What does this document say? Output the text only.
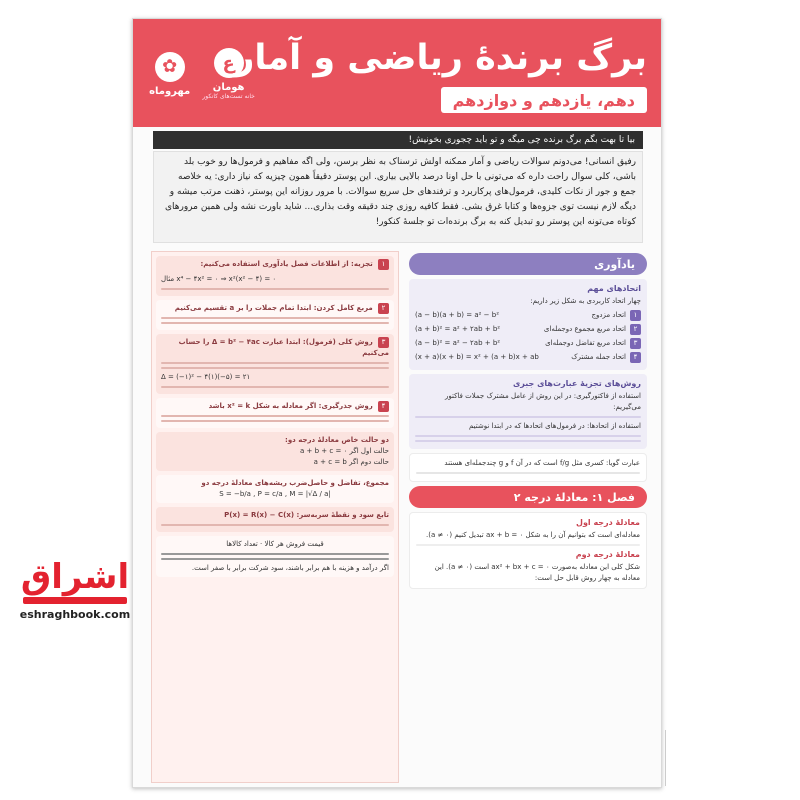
✿
مهروماه
ع
هومان
خانه تست‌های کانکور
برگ برندهٔ ریاضی و آمار
دهم، یازدهم و دوازدهم
بیا تا بهت بگم برگ برنده چی میگه و تو باید چجوری بخونیش!
رفیق انسانی! می‌دونم سوالات ریاضی و آمار ممکنه اولش ترسناک به نظر برسن، ولی اگه مفاهیم و فرمول‌ها رو خوب بلد باشی، کلی سوال راحت داره که می‌تونی با حل اونا درصد بالایی بیاری. این پوستر دقیقاً همون چیزیه که نیاز داری: یه خلاصه جمع و جور از نکات کلیدی، فرمول‌های پرکاربرد و ترفندهای حل سریع سوالات. با مرور روزانه این پوستر، ذهنت مرتب میشه و دیگه لازم نیست توی جزوه‌ها و کتابا غرق بشی. فقط کافیه روزی چند دقیقه وقت بذاری... شاید باورت نشه ولی همین مرورهای کوتاه می‌تونه این پوستر رو تبدیل کنه به برگ برنده‌ات تو جلسهٔ کنکور!
۱ تجزیه: از اطلاعات فصل یادآوری استفاده می‌کنیم:
مثال x⁴ − ۴x² = ۰ ⇒ x²(x² − ۴) = ۰
۲ مربع کامل کردن: ابتدا تمام جملات را بر a تقسیم می‌کنیم
۳ روش کلی (فرمول): ابتدا عبارت Δ = b² − ۴ac را حساب می‌کنیم
Δ = (−۱)² − ۴(۱)(−۵) = ۲۱
۴ روش جذرگیری: اگر معادله به شکل x² = k باشد
دو حالت خاص معادلهٔ درجه دو:
حالت اول اگر a + b + c = ۰
حالت دوم اگر a + c = b
مجموع، تفاضل و حاصل‌ضرب ریشه‌های معادلهٔ درجه دو
S = −b/a , P = c/a , M = |√Δ / a|
تابع سود و نقطهٔ سربه‌سر: P(x) = R(x) − C(x)
قیمت فروش هر کالا · تعداد کالاها
اگر درآمد و هزینه با هم برابر باشند، سود شرکت برابر با صفر است.
یادآوری
اتحادهای مهم
چهار اتحاد کاربردی به شکل زیر داریم:
۱
اتحاد مزدوج
(a − b)(a + b) = a² − b²
۲
اتحاد مربع مجموع دوجمله‌ای
(a + b)² = a² + ۲ab + b²
۳
اتحاد مربع تفاضل دوجمله‌ای
(a − b)² = a² − ۲ab + b²
۴
اتحاد جمله مشترک
(x + a)(x + b) = x² + (a + b)x + ab
روش‌های تجزیهٔ عبارت‌های جبری
استفاده از فاکتورگیری: در این روش از عامل مشترک جملات فاکتور می‌گیریم:
استفاده از اتحادها: در فرمول‌های اتحادها که در ابتدا نوشتیم
عبارت گویا: کسری مثل f/g است که در آن f و g چندجمله‌ای هستند
فصل ۱: معادلهٔ درجه ۲
معادلهٔ درجه اول
معادله‌ای است که بتوانیم آن را به شکل ax + b = ۰ تبدیل کنیم (a ≠ ۰).
معادلهٔ درجه دوم
شکل کلی این معادله به‌صورت ax² + bx + c = ۰ است (a ≠ ۰). این معادله به چهار روش قابل حل است:
اشراق
eshraghbook.com
